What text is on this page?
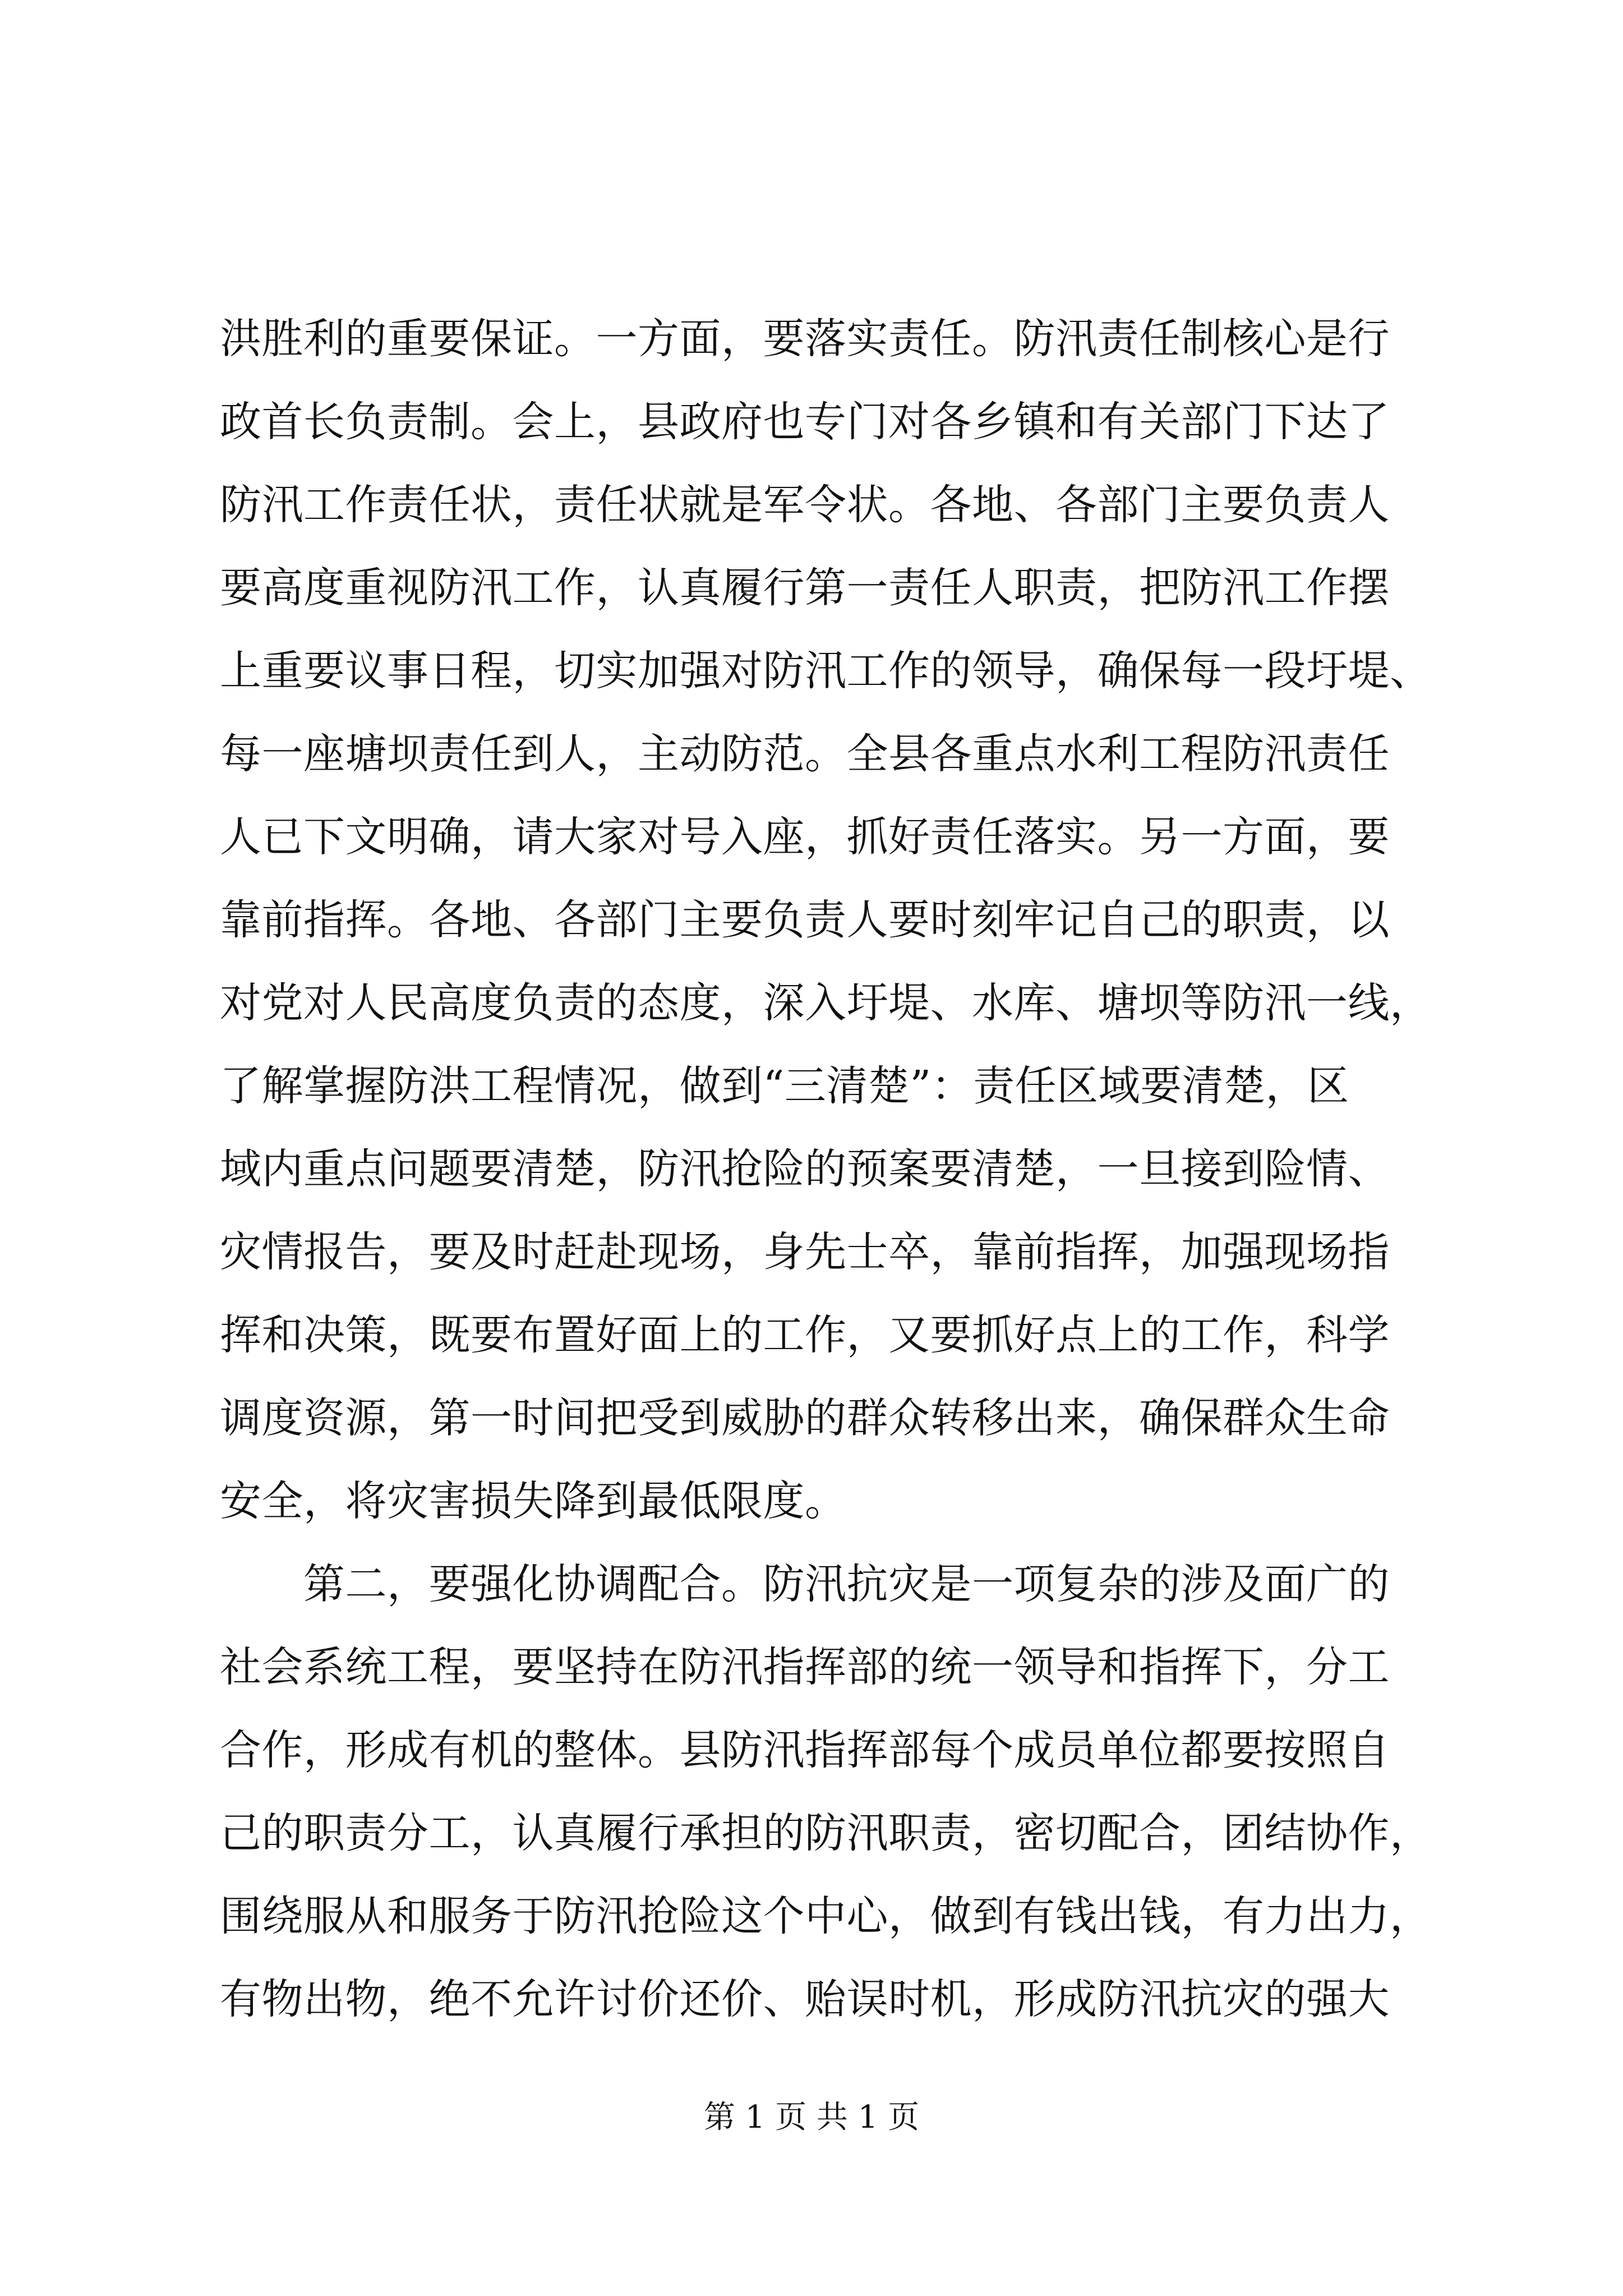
洪胜利的重要保证。一方面，要落实责任。防汛责任制核心是行
政首长负责制。会上，县政府也专门对各乡镇和有关部门下达了
防汛工作责任状，责任状就是军令状。各地、各部门主要负责人
要高度重视防汛工作，认真履行第一责任人职责，把防汛工作摆
上重要议事日程，切实加强对防汛工作的领导，确保每一段圩堤、
每一座塘坝责任到人，主动防范。全县各重点水利工程防汛责任
人已下文明确，请大家对号入座，抓好责任落实。另一方面，要
靠前指挥。各地、各部门主要负责人要时刻牢记自己的职责，以
对党对人民高度负责的态度，深入圩堤、水库、塘坝等防汛一线，
了解掌握防洪工程情况，做到“三清楚”：责任区域要清楚，区
域内重点问题要清楚，防汛抢险的预案要清楚，一旦接到险情、
灾情报告，要及时赶赴现场，身先士卒，靠前指挥，加强现场指
挥和决策，既要布置好面上的工作，又要抓好点上的工作，科学
调度资源，第一时间把受到威胁的群众转移出来，确保群众生命
安全，将灾害损失降到最低限度。
　　第二，要强化协调配合。防汛抗灾是一项复杂的涉及面广的
社会系统工程，要坚持在防汛指挥部的统一领导和指挥下，分工
合作，形成有机的整体。县防汛指挥部每个成员单位都要按照自
己的职责分工，认真履行承担的防汛职责，密切配合，团结协作，
围绕服从和服务于防汛抢险这个中心，做到有钱出钱，有力出力，
有物出物，绝不允许讨价还价、贻误时机，形成防汛抗灾的强大
第 1 页 共 1 页
